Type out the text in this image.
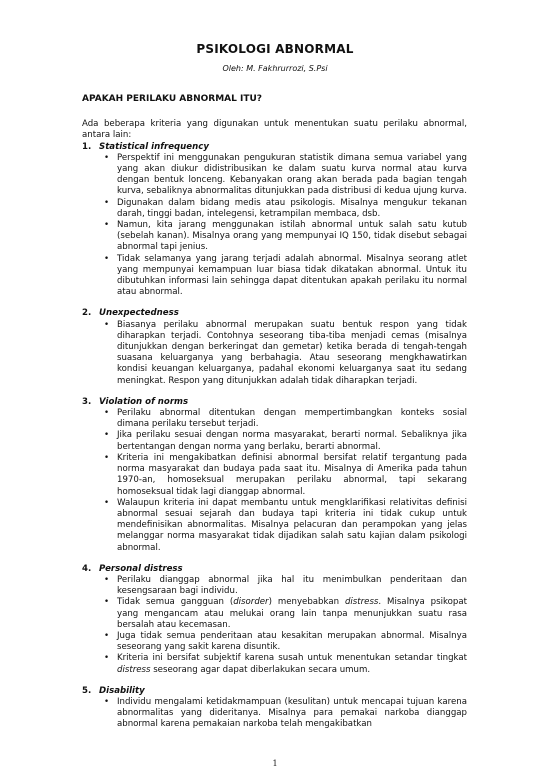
PSIKOLOGI ABNORMAL
Oleh: M. Fakhrurrozi, S.Psi
APAKAH PERILAKU ABNORMAL ITU?

Ada beberapa kriteria yang digunakan untuk menentukan suatu perilaku abnormal, antara lain:

1. Statistical infrequency
• Perspektif ini menggunakan pengukuran statistik dimana semua variabel yang yang akan diukur didistribusikan ke dalam suatu kurva normal atau kurva dengan bentuk lonceng. Kebanyakan orang akan berada pada bagian tengah kurva, sebaliknya abnormalitas ditunjukkan pada distribusi di kedua ujung kurva.
• Digunakan dalam bidang medis atau psikologis. Misalnya mengukur tekanan darah, tinggi badan, intelegensi, ketrampilan membaca, dsb.
• Namun, kita jarang menggunakan istilah abnormal untuk salah satu kutub (sebelah kanan). Misalnya orang yang mempunyai IQ 150, tidak disebut sebagai abnormal tapi jenius.
• Tidak selamanya yang jarang terjadi adalah abnormal. Misalnya seorang atlet yang mempunyai kemampuan luar biasa tidak dikatakan abnormal. Untuk itu dibutuhkan informasi lain sehingga dapat ditentukan apakah perilaku itu normal atau abnormal.
2. Unexpectedness
• Biasanya perilaku abnormal merupakan suatu bentuk respon yang tidak diharapkan terjadi. Contohnya seseorang tiba-tiba menjadi cemas (misalnya ditunjukkan dengan berkeringat dan gemetar) ketika berada di tengah-tengah suasana keluarganya yang berbahagia. Atau seseorang mengkhawatirkan kondisi keuangan keluarganya, padahal ekonomi keluarganya saat itu sedang meningkat. Respon yang ditunjukkan adalah tidak diharapkan terjadi.
3. Violation of norms
• Perilaku abnormal ditentukan dengan mempertimbangkan konteks sosial dimana perilaku tersebut terjadi.
• Jika perilaku sesuai dengan norma masyarakat, berarti normal. Sebaliknya jika bertentangan dengan norma yang berlaku, berarti abnormal.
• Kriteria ini mengakibatkan definisi abnormal bersifat relatif tergantung pada norma masyarakat dan budaya pada saat itu. Misalnya di Amerika pada tahun 1970-an, homoseksual merupakan perilaku abnormal, tapi sekarang homoseksual tidak lagi dianggap abnormal.
• Walaupun kriteria ini dapat membantu untuk mengklarifikasi relativitas definisi abnormal sesuai sejarah dan budaya tapi kriteria ini tidak cukup untuk mendefinisikan abnormalitas. Misalnya pelacuran dan perampokan yang jelas melanggar norma masyarakat tidak dijadikan salah satu kajian dalam psikologi abnormal.
4. Personal distress
• Perilaku dianggap abnormal jika hal itu menimbulkan penderitaan dan kesengsaraan bagi individu.
• Tidak semua gangguan (disorder) menyebabkan distress. Misalnya psikopat yang mengancam atau melukai orang lain tanpa menunjukkan suatu rasa bersalah atau kecemasan.
• Juga tidak semua penderitaan atau kesakitan merupakan abnormal. Misalnya seseorang yang sakit karena disuntik.
• Kriteria ini bersifat subjektif karena susah untuk menentukan setandar tingkat distress seseorang agar dapat diberlakukan secara umum.
5. Disability
• Individu mengalami ketidakmampuan (kesulitan) untuk mencapai tujuan karena abnormalitas yang dideritanya. Misalnya para pemakai narkoba dianggap abnormal karena pemakaian narkoba telah mengakibatkan
1
